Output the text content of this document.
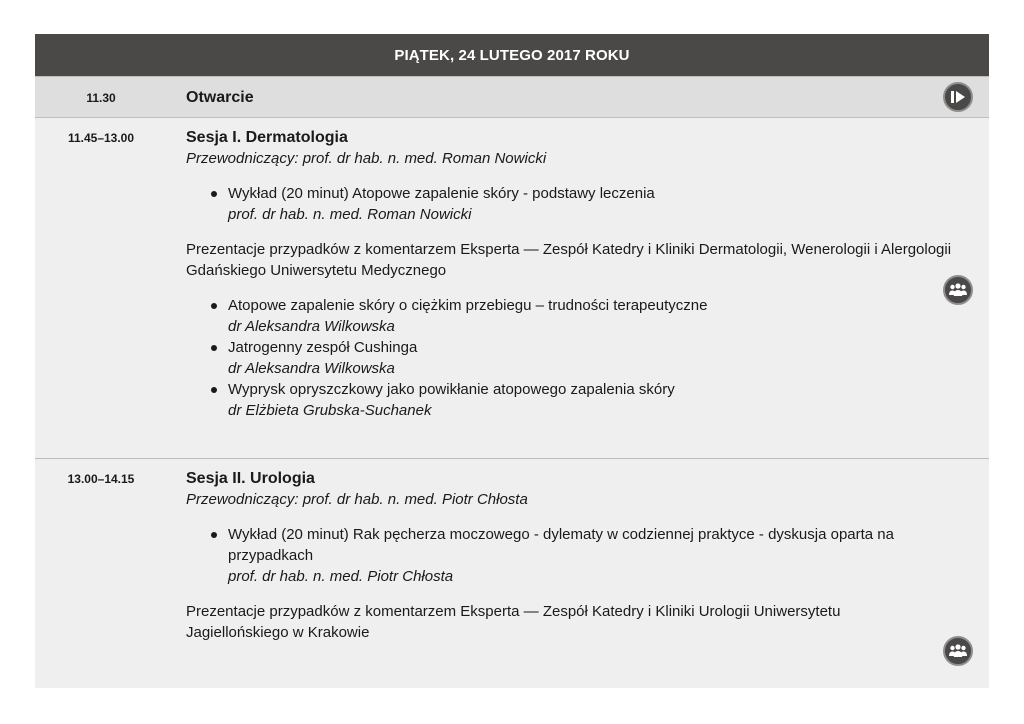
PIĄTEK, 24 LUTEGO 2017 ROKU
11.30	Otwarcie
11.45–13.00	Sesja I. Dermatologia
Przewodniczący: prof. dr hab. n. med. Roman Nowicki
Wykład (20 minut) Atopowe zapalenie skóry - podstawy leczenia
prof. dr hab. n. med. Roman Nowicki
Prezentacje przypadków z komentarzem Eksperta — Zespół Katedry i Kliniki Dermatologii, Wenerologii i Alergologii Gdańskiego Uniwersytetu Medycznego
Atopowe zapalenie skóry o ciężkim przebiegu – trudności terapeutyczne
dr Aleksandra Wilkowska
Jatrogenny zespół Cushinga
dr Aleksandra Wilkowska
Wyprysk opryszczkowy jako powikłanie atopowego zapalenia skóry
dr Elżbieta Grubska-Suchanek
13.00–14.15	Sesja II. Urologia
Przewodniczący: prof. dr hab. n. med. Piotr Chłosta
Wykład (20 minut) Rak pęcherza moczowego - dylematy w codziennej praktyce - dyskusja oparta na przypadkach
prof. dr hab. n. med. Piotr Chłosta
Prezentacje przypadków z komentarzem Eksperta — Zespół Katedry i Kliniki Urologii Uniwersytetu Jagiellońskiego w Krakowie
